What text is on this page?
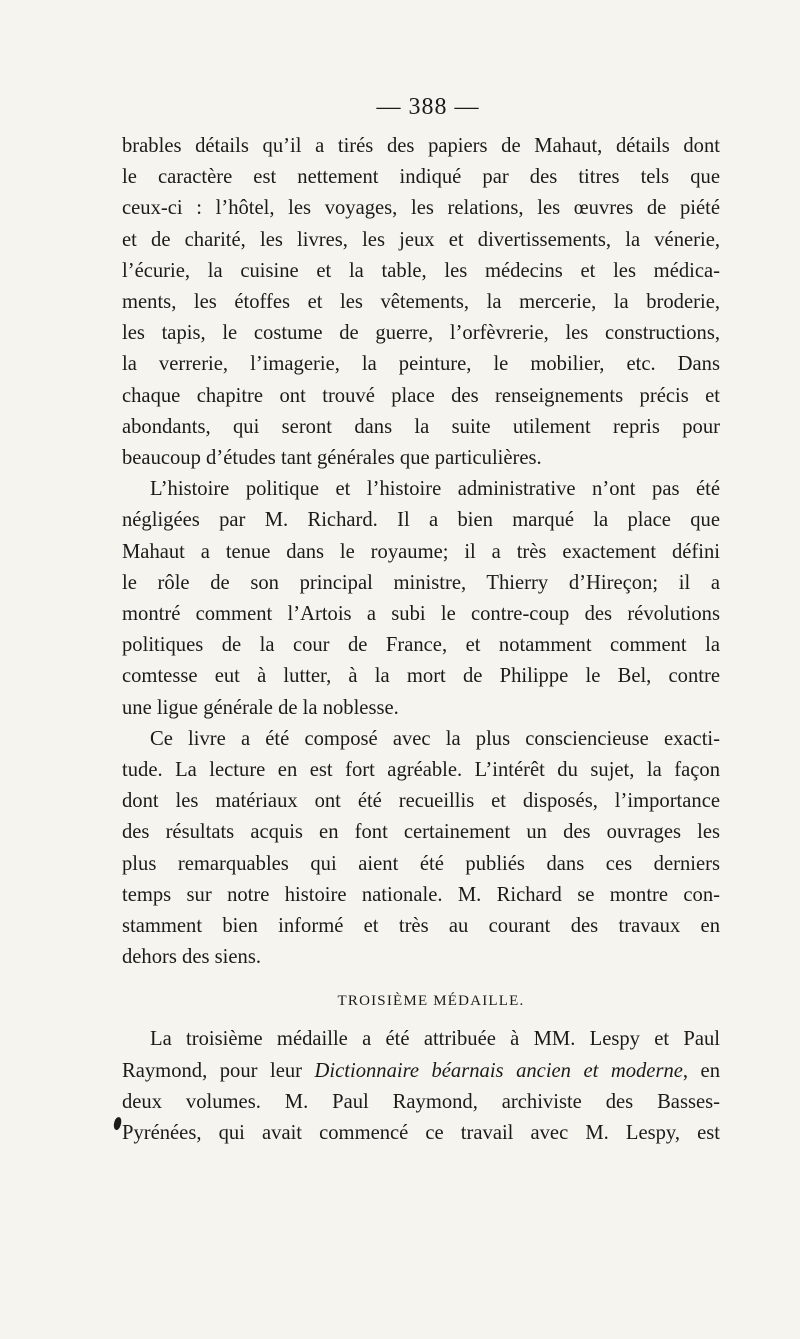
— 388 —

brables détails qu’il a tirés des papiers de Mahaut, détails dont
le caractère est nettement indiqué par des titres tels que
ceux-ci : l’hôtel, les voyages, les relations, les œuvres de piété
et de charité, les livres, les jeux et divertissements, la vénerie,
l’écurie, la cuisine et la table, les médecins et les médica-
ments, les étoffes et les vêtements, la mercerie, la broderie,
les tapis, le costume de guerre, l’orfèvrerie, les constructions,
la verrerie, l’imagerie, la peinture, le mobilier, etc. Dans
chaque chapitre ont trouvé place des renseignements précis et
abondants, qui seront dans la suite utilement repris pour
beaucoup d’études tant générales que particulières.

L’histoire politique et l’histoire administrative n’ont pas été
négligées par M. Richard. Il a bien marqué la place que
Mahaut a tenue dans le royaume; il a très exactement défini
le rôle de son principal ministre, Thierry d’Hireçon; il a
montré comment l’Artois a subi le contre-coup des révolutions
politiques de la cour de France, et notamment comment la
comtesse eut à lutter, à la mort de Philippe le Bel, contre
une ligue générale de la noblesse.

Ce livre a été composé avec la plus consciencieuse exacti-
tude. La lecture en est fort agréable. L’intérêt du sujet, la façon
dont les matériaux ont été recueillis et disposés, l’importance
des résultats acquis en font certainement un des ouvrages les
plus remarquables qui aient été publiés dans ces derniers
temps sur notre histoire nationale. M. Richard se montre con-
stamment bien informé et très au courant des travaux en
dehors des siens.

TROISIÈME MÉDAILLE.

La troisième médaille a été attribuée à MM. Lespy et Paul
Raymond, pour leur Dictionnaire béarnais ancien et moderne, en
deux volumes. M. Paul Raymond, archiviste des Basses-
Pyrénées, qui avait commencé ce travail avec M. Lespy, est
